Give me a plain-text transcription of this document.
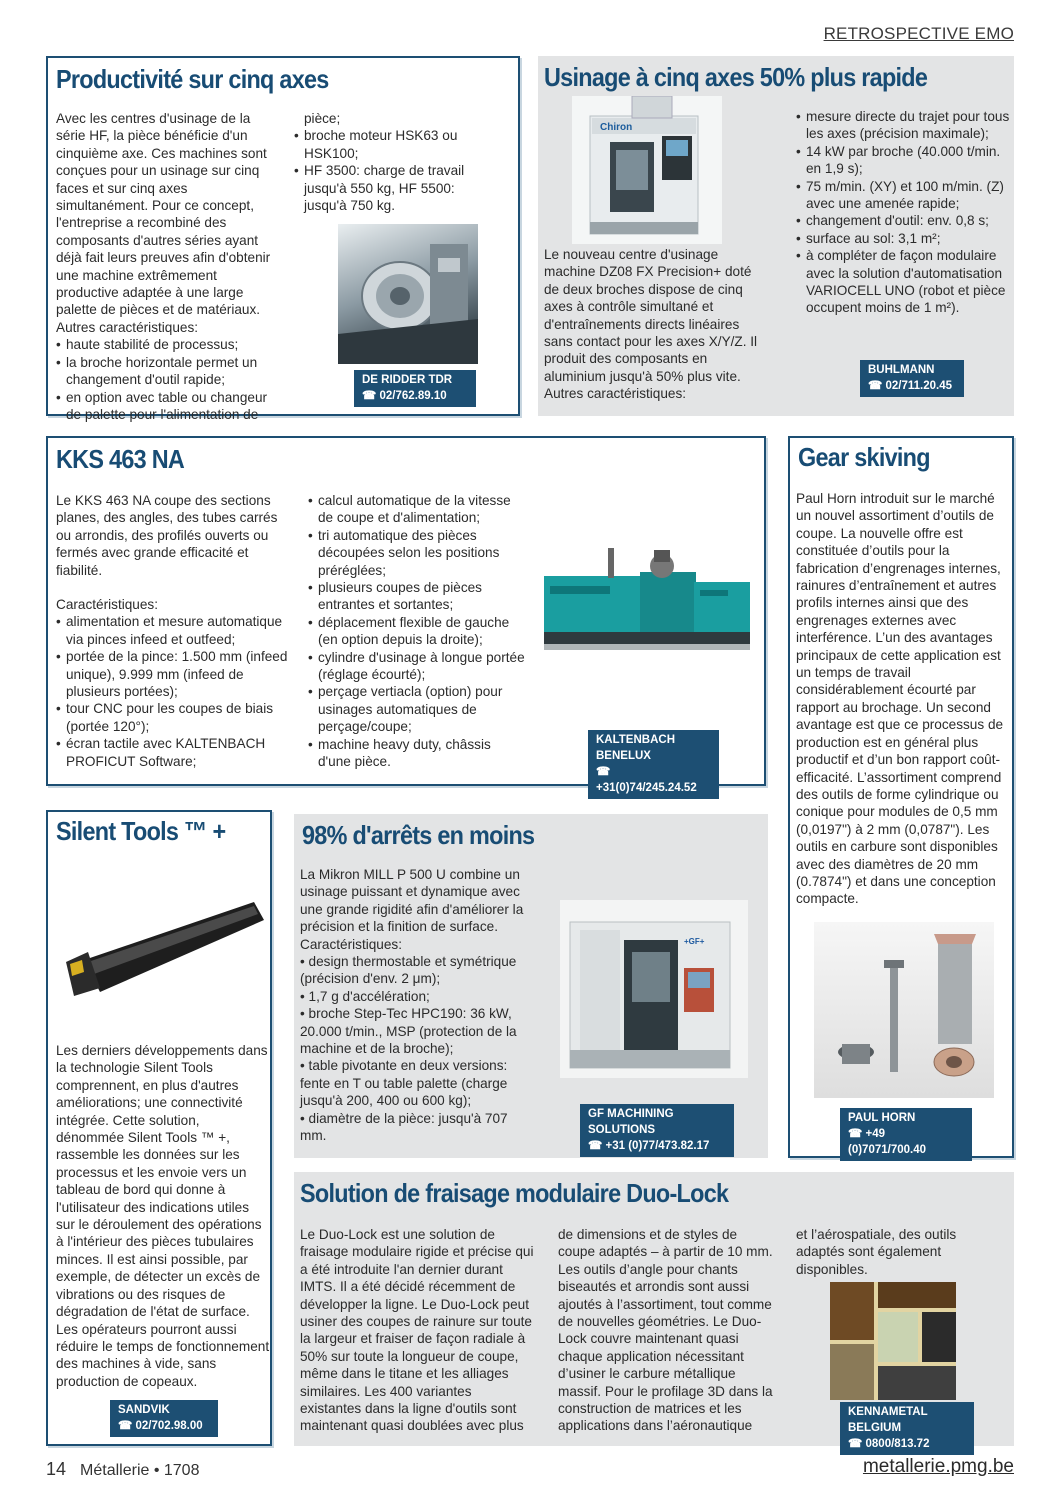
RETROSPECTIVE EMO
Productivité sur cinq axes

Avec les centres d'usinage de la série HF, la pièce bénéficie d'un cinquième axe. Ces machines sont conçues pour un usinage sur cinq faces et sur cinq axes simultanément. Pour ce concept, l'entreprise a recombiné des composants d'autres séries ayant déjà fait leurs preuves afin d'obtenir une machine extrêmement productive adaptée à une large palette de pièces et de matériaux. Autres caractéristiques:

• haute stabilité de processus;
• la broche horizontale permet un changement d'outil rapide;
• en option avec table ou changeur de palette pour l'alimentation de

pièce;

• broche moteur HSK63 ou HSK100;
• HF 3500: charge de travail jusqu'à 550 kg, HF 5500: jusqu'à 750 kg.
DE RIDDER TDR
☎ 02/762.89.10
Usinage à cinq axes 50% plus rapide
Chiron

Le nouveau centre d'usinage machine DZ08 FX Precision+ doté de deux broches dispose de cinq axes à contrôle simultané et d'entraînements directs linéaires sans contact pour les axes X/Y/Z. Il produit des composants en aluminium jusqu'à 50% plus vite. Autres caractéristiques:

• mesure directe du trajet pour tous les axes (précision maximale);
• 14 kW par broche (40.000 t/min. en 1,9 s);
• 75 m/min. (XY) et 100 m/min. (Z) avec une amenée rapide;
• changement d'outil: env. 0,8 s;
• surface au sol: 3,1 m²;
• à compléter de façon modulaire avec la solution d'automatisation VARIOCELL UNO (robot et pièce occupent moins de 1 m²).
BUHLMANN
☎ 02/711.20.45
KKS 463 NA

Le KKS 463 NA coupe des sections planes, des angles, des tubes carrés ou arrondis, des profilés ouverts ou fermés avec grande efficacité et fiabilité.

Caractéristiques:

• alimentation et mesure automatique via pinces infeed et outfeed;
• portée de la pince: 1.500 mm (infeed unique), 9.999 mm (infeed de plusieurs portées);
• tour CNC pour les coupes de biais (portée 120°);
• écran tactile avec KALTENBACH PROFICUT Software;
• calcul automatique de la vitesse de coupe et d'alimentation;
• tri automatique des pièces découpées selon les positions préréglées;
• plusieurs coupes de pièces entrantes et sortantes;
• déplacement flexible de gauche (en option depuis la droite);
• cylindre d'usinage à longue portée (réglage écourté);
• perçage vertiacla (option) pour usinages automatiques de perçage/coupe;
• machine heavy duty, châssis d'une pièce.
KALTENBACH BENELUX
☎ +31(0)74/245.24.52
Gear skiving
Paul Horn introduit sur le marché un nouvel assortiment d’outils de coupe. La nouvelle offre est constituée d’outils pour la fabrication d’engrenages internes, rainures d’entraînement et autres profils internes ainsi que des engrenages externes avec interférence. L’un des avantages principaux de cette application est un temps de travail considérablement écourté par rapport au brochage. Un second avantage est que ce processus de production est en général plus productif et d’un bon rapport coût-efficacité. L’assortiment comprend des outils de forme cylindrique ou conique pour modules de 0,5 mm (0,0197") à 2 mm (0,0787"). Les outils en carbure sont disponibles avec des diamètres de 20 mm (0.7874") et dans une conception compacte.
PAUL HORN
☎ +49 (0)7071/700.40
Silent Tools ™ +
Les derniers développements dans la technologie Silent Tools comprennent, en plus d'autres améliorations; une connectivité intégrée. Cette solution, dénommée Silent Tools ™ +, rassemble les données sur les processus et les envoie vers un tableau de bord qui donne à l'utilisateur des indications utiles sur le déroulement des opérations à l'intérieur des pièces tubulaires minces. Il est ainsi possible, par exemple, de détecter un excès de vibrations ou des risques de dégradation de l'état de surface. Les opérateurs pourront aussi réduire le temps de fonctionnement des machines à vide, sans production de copeaux.
SANDVIK
☎ 02/702.98.00
98% d'arrêts en moins

La Mikron MILL P 500 U combine un usinage puissant et dynamique avec une grande rigidité afin d'améliorer la précision et la finition de surface. Caractéristiques:

• design thermostable et symétrique (précision d'env. 2 μm);

• 1,7 g d'accélération;

• broche Step-Tec HPC190: 36 kW, 20.000 t/min., MSP (protection de la machine et de la broche);

• table pivotante en deux versions: fente en T ou table palette (charge jusqu'à 200, 400 ou 600 kg);

• diamètre de la pièce: jusqu'à 707 mm.

+GF+
GF MACHINING SOLUTIONS
☎ +31 (0)77/473.82.17
Solution de fraisage modulaire Duo-Lock
Le Duo-Lock est une solution de fraisage modulaire rigide et précise qui a été introduite l'an dernier durant IMTS. Il a été décidé récemment de développer la ligne. Le Duo-Lock peut usiner des coupes de rainure sur toute la largeur et fraiser de façon radiale à 50% sur toute la longueur de coupe, même dans le titane et les alliages similaires. Les 400 variantes existantes dans la ligne d'outils sont maintenant quasi doublées avec plus
de dimensions et de styles de coupe adaptés – à partir de 10 mm. Les outils d’angle pour chants biseautés et arrondis sont aussi ajoutés à l’assortiment, tout comme de nouvelles géométries. Le Duo-Lock couvre maintenant quasi chaque application nécessitant d’usiner le carbure métallique massif. Pour le profilage 3D dans la construction de matrices et les applications dans l’aéronautique
et l’aérospatiale, des outils adaptés sont également disponibles.
KENNAMETAL BELGIUM
☎ 0800/813.72
14 Métallerie • 1708	metallerie.pmg.be
